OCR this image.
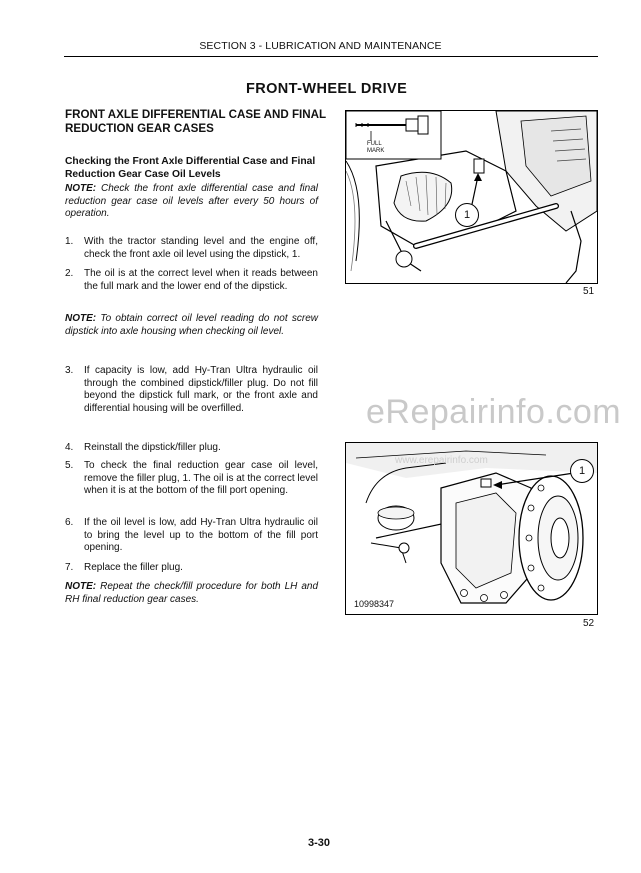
SECTION 3 - LUBRICATION AND MAINTENANCE
FRONT-WHEEL DRIVE
FRONT AXLE DIFFERENTIAL CASE AND FINAL REDUCTION GEAR CASES
Checking the Front Axle Differential Case and Final Reduction Gear Case Oil Levels
NOTE: Check the front axle differential case and final reduction gear case oil levels after every 50 hours of operation.
1. With the tractor standing level and the engine off, check the front axle oil level using the dipstick, 1.
2. The oil is at the correct level when it reads between the full mark and the lower end of the dipstick.
NOTE: To obtain correct oil level reading do not screw dipstick into axle housing when checking oil level.
3. If capacity is low, add Hy-Tran Ultra hydraulic oil through the combined dipstick/filler plug. Do not fill beyond the dipstick full mark, or the front axle and differential housing will be overfilled.
4. Reinstall the dipstick/filler plug.
5. To check the final reduction gear case oil level, remove the filler plug, 1. The oil is at the correct level when it is at the bottom of the fill port opening.
6. If the oil level is low, add Hy-Tran Ultra hydraulic oil to bring the level up to the bottom of the fill port opening.
7. Replace the filler plug.
NOTE: Repeat the check/fill procedure for both LH and RH final reduction gear cases.
FULL
MARK
1
51
1
10998347
52
eRepairinfo.com
www.erepairinfo.com
3-30
